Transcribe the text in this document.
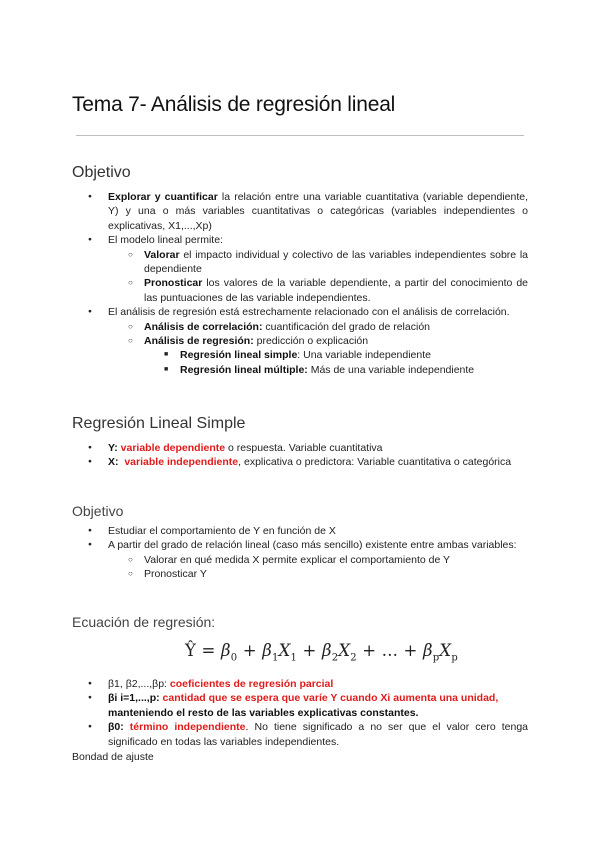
Tema 7- Análisis de regresión lineal
Objetivo
● Explorar y cuantificar la relación entre una variable cuantitativa (variable dependiente, Y) y una o más variables cuantitativas o categóricas (variables independientes o explicativas, X1,...,Xp)
● El modelo lineal permite:
○ Valorar el impacto individual y colectivo de las variables independientes sobre la dependiente
○ Pronosticar los valores de la variable dependiente, a partir del conocimiento de las puntuaciones de las variable independientes.
● El análisis de regresión está estrechamente relacionado con el análisis de correlación.
○ Análisis de correlación: cuantificación del grado de relación
○ Análisis de regresión: predicción o explicación
■ Regresión lineal simple: Una variable independiente
■ Regresión lineal múltiple: Más de una variable independiente
Regresión Lineal Simple
● Y: variable dependiente o respuesta. Variable cuantitativa
● X: variable independiente, explicativa o predictora: Variable cuantitativa o categórica
Objetivo
● Estudiar el comportamiento de Y en función de X
● A partir del grado de relación lineal (caso más sencillo) existente entre ambas variables:
○ Valorar en qué medida X permite explicar el comportamiento de Y
○ Pronosticar Y
Ecuación de regresión:
Ŷ = $\beta_0 + \beta_1X_1 + \beta_2X_2$ + ... + $\beta_pX_p$
● β1, β2,...,βp: coeficientes de regresión parcial
● βi i=1,...,p: cantidad que se espera que varíe Y cuando Xi aumenta una unidad, manteniendo el resto de las variables explicativas constantes.
● β0: término independiente. No tiene significado a no ser que el valor cero tenga significado en todas las variables independientes.
Bondad de ajuste
